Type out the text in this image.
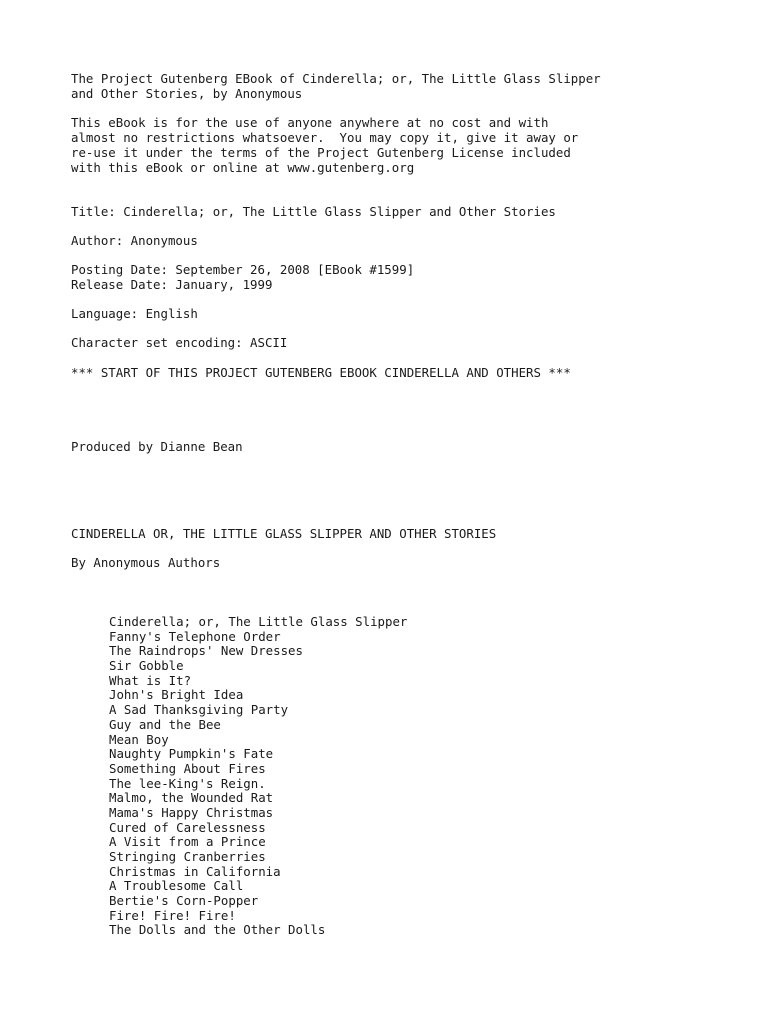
The Project Gutenberg EBook of Cinderella; or, The Little Glass Slipper

and Other Stories, by Anonymous

This eBook is for the use of anyone anywhere at no cost and with

almost no restrictions whatsoever.  You may copy it, give it away or

re-use it under the terms of the Project Gutenberg License included

with this eBook or online at www.gutenberg.org

Title: Cinderella; or, The Little Glass Slipper and Other Stories

Author: Anonymous

Posting Date: September 26, 2008 [EBook #1599]

Release Date: January, 1999

Language: English

Character set encoding: ASCII

*** START OF THIS PROJECT GUTENBERG EBOOK CINDERELLA AND OTHERS ***

Produced by Dianne Bean

CINDERELLA OR, THE LITTLE GLASS SLIPPER AND OTHER STORIES

By Anonymous Authors

Cinderella; or, The Little Glass Slipper
Fanny's Telephone Order
The Raindrops' New Dresses
Sir Gobble
What is It?
John's Bright Idea
A Sad Thanksgiving Party
Guy and the Bee
Mean Boy
Naughty Pumpkin's Fate
Something About Fires
The lee-King's Reign.
Malmo, the Wounded Rat
Mama's Happy Christmas
Cured of Carelessness
A Visit from a Prince
Stringing Cranberries
Christmas in California
A Troublesome Call
Bertie's Corn-Popper
Fire! Fire! Fire!
The Dolls and the Other Dolls
